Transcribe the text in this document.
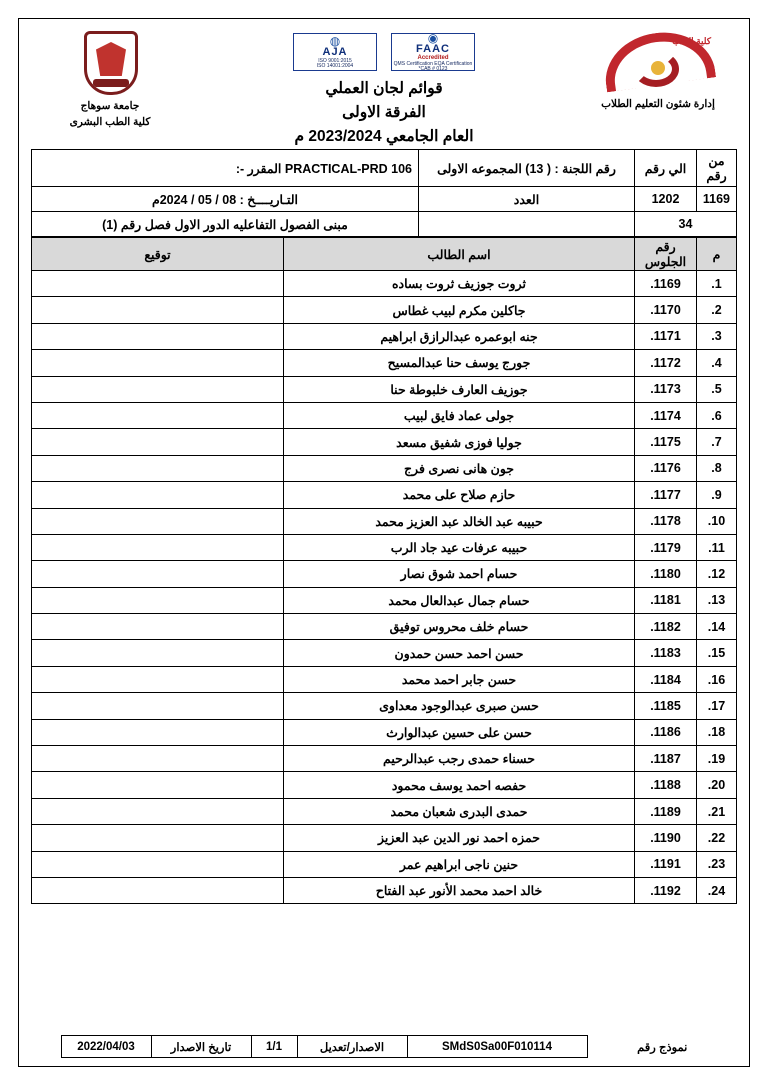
كلية الطب
إدارة شئون التعليم الطلاب
◉
FAAC
Accredited
QMS Certification EQA Certification CAB # 0123*
◍
AJA
ISO 9001:2015
ISO 14001:2004
قوائم لجان العملي
الفرقة الاولى
العام الجامعي 2023/2024 م
جامعة سوهاج
كلية الطب البشرى
من رقم	الي رقم	رقم اللجنة : ( 13) المجموعه الاولى	PRACTICAL-PRD 106 المقرر -:
1169	1202	العدد	التـاريــــخ : 08 / 05 / 2024م
34			مبنى الفصول التفاعليه الدور الاول فصل رقم (1)
م	رقم الجلوس	اسم الطالب	توقيع
1.	1169.	ثروت جوزيف ثروت بساده	
2.	1170.	جاكلين مكرم لبيب غطاس	
3.	1171.	جنه ابوعمره عبدالرازق ابراهيم	
4.	1172.	جورج يوسف حنا عبدالمسيح	
5.	1173.	جوزيف العارف خلبوطة حنا	
6.	1174.	جولى عماد فايق لبيب	
7.	1175.	جوليا فوزى شفيق مسعد	
8.	1176.	جون هانى نصرى فرج	
9.	1177.	حازم صلاح على محمد	
10.	1178.	حبيبه عبد الخالد عبد العزيز محمد	
11.	1179.	حبيبه عرفات عيد جاد الرب	
12.	1180.	حسام احمد شوق نصار	
13.	1181.	حسام جمال عبدالعال محمد	
14.	1182.	حسام خلف محروس توفيق	
15.	1183.	حسن احمد حسن حمدون	
16.	1184.	حسن جابر احمد محمد	
17.	1185.	حسن صبرى عبدالوجود معداوى	
18.	1186.	حسن على حسين عبدالوارث	
19.	1187.	حسناء حمدى رجب عبدالرحيم	
20.	1188.	حفصه احمد يوسف محمود	
21.	1189.	حمدى البدرى شعبان محمد	
22.	1190.	حمزه احمد نور الدين عبد العزيز	
23.	1191.	حنين ناجى ابراهيم عمر	
24.	1192.	خالد احمد محمد الأنور عبد الفتاح	
نموذج رقم	SMdS0Sa00F010114	الاصدار/تعديل	1/1	تاريخ الاصدار	2022/04/03	
